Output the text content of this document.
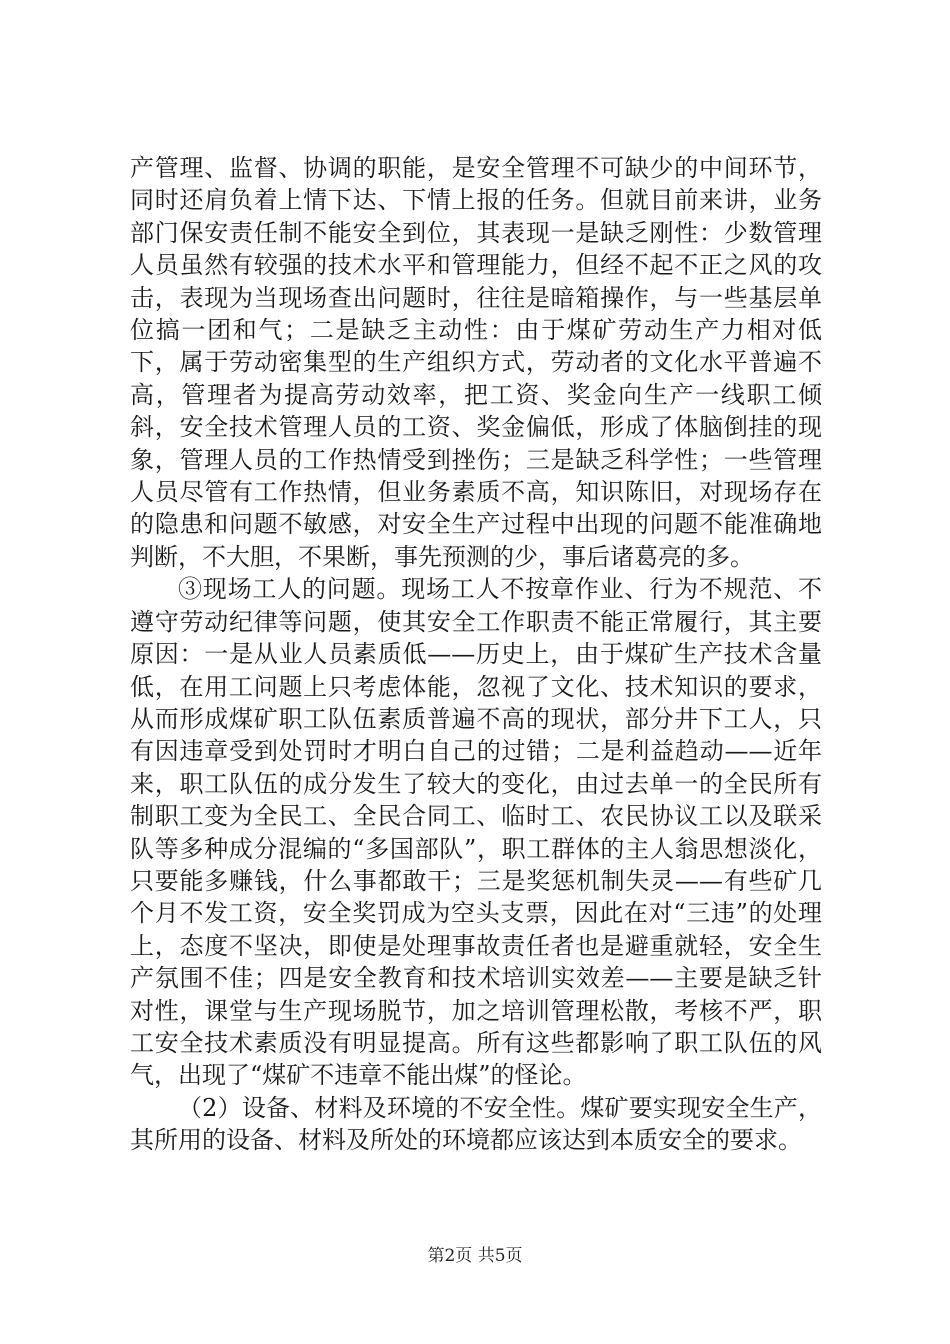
产管理、监督、协调的职能，是安全管理不可缺少的中间环节，同时还肩负着上情下达、下情上报的任务。但就目前来讲，业务部门保安责任制不能安全到位，其表现一是缺乏刚性：少数管理人员虽然有较强的技术水平和管理能力，但经不起不正之风的攻击，表现为当现场查出问题时，往往是暗箱操作，与一些基层单位搞一团和气；二是缺乏主动性：由于煤矿劳动生产力相对低下，属于劳动密集型的生产组织方式，劳动者的文化水平普遍不高，管理者为提高劳动效率，把工资、奖金向生产一线职工倾斜，安全技术管理人员的工资、奖金偏低，形成了体脑倒挂的现象，管理人员的工作热情受到挫伤；三是缺乏科学性；一些管理人员尽管有工作热情，但业务素质不高，知识陈旧，对现场存在的隐患和问题不敏感，对安全生产过程中出现的问题不能准确地判断，不大胆，不果断，事先预测的少，事后诸葛亮的多。

③现场工人的问题。现场工人不按章作业、行为不规范、不遵守劳动纪律等问题，使其安全工作职责不能正常履行，其主要原因：一是从业人员素质低——历史上，由于煤矿生产技术含量低，在用工问题上只考虑体能，忽视了文化、技术知识的要求，从而形成煤矿职工队伍素质普遍不高的现状，部分井下工人，只有因违章受到处罚时才明白自己的过错；二是利益趋动——近年来，职工队伍的成分发生了较大的变化，由过去单一的全民所有制职工变为全民工、全民合同工、临时工、农民协议工以及联采队等多种成分混编的“多国部队”，职工群体的主人翁思想淡化，只要能多赚钱，什么事都敢干；三是奖惩机制失灵——有些矿几个月不发工资，安全奖罚成为空头支票，因此在对“三违”的处理上，态度不坚决，即使是处理事故责任者也是避重就轻，安全生产氛围不佳；四是安全教育和技术培训实效差——主要是缺乏针对性，课堂与生产现场脱节，加之培训管理松散，考核不严，职工安全技术素质没有明显提高。所有这些都影响了职工队伍的风气，出现了“煤矿不违章不能出煤”的怪论。

（2）设备、材料及环境的不安全性。煤矿要实现安全生产，其所用的设备、材料及所处的环境都应该达到本质安全的要求。

第2页 共5页
